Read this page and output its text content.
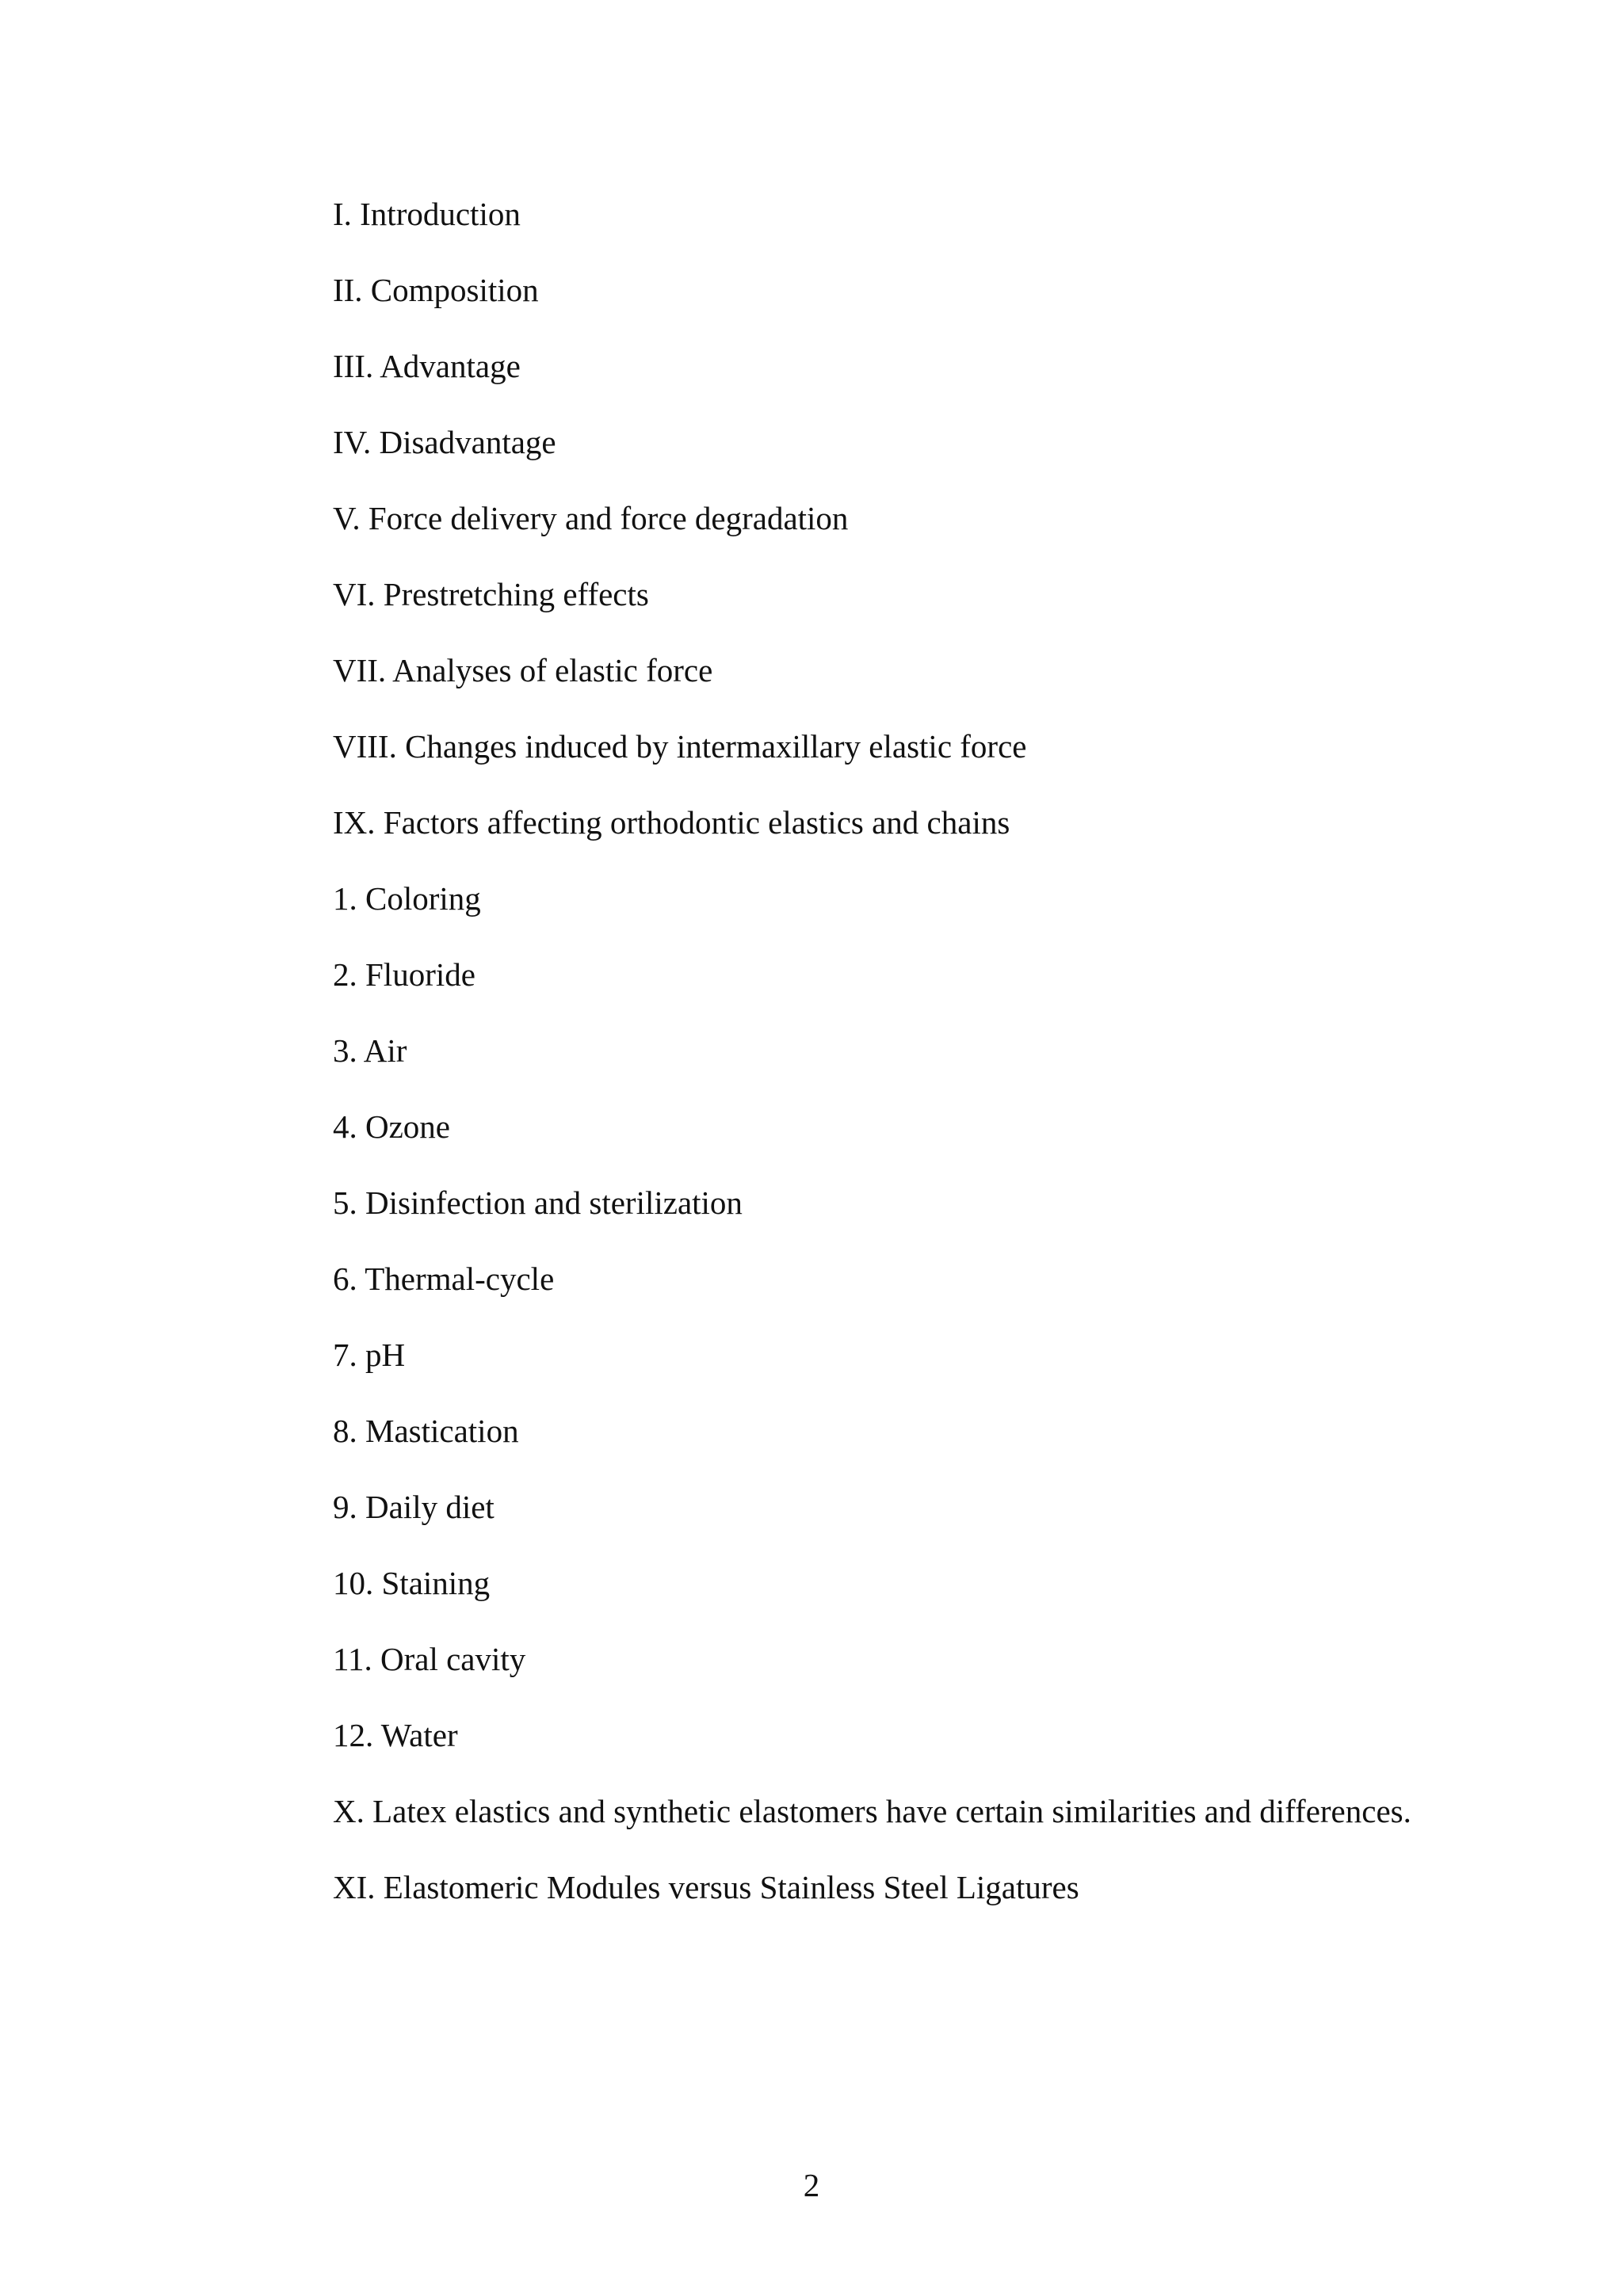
I. Introduction
II. Composition
III. Advantage
IV. Disadvantage
V. Force delivery and force degradation
VI. Prestretching effects
VII. Analyses of elastic force
VIII. Changes induced by intermaxillary elastic force
IX. Factors affecting orthodontic elastics and chains
1. Coloring
2. Fluoride
3. Air
4. Ozone
5. Disinfection and sterilization
6. Thermal-cycle
7. pH
8. Mastication
9. Daily diet
10. Staining
11. Oral cavity
12. Water
X. Latex elastics and synthetic elastomers have certain similarities and differences.
XI. Elastomeric Modules versus Stainless Steel Ligatures
2
